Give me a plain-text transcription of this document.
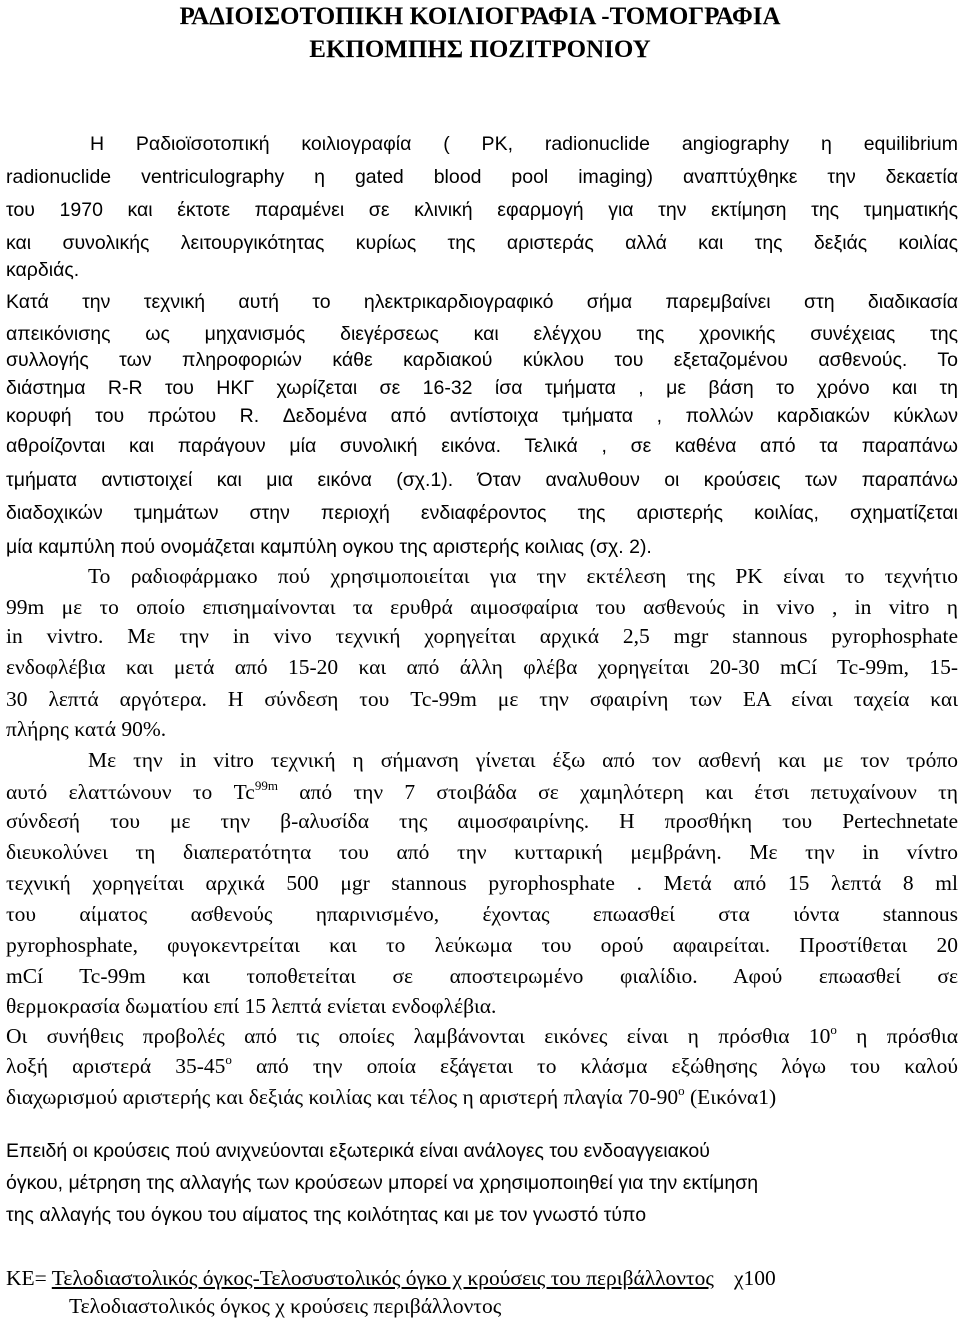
ΡΑΔΙΟΙΣΟΤΟΠΙΚΗ ΚΟΙΛΙΟΓΡΑΦΙΑ -ΤΟΜΟΓΡΑΦΙΑ
ΕΚΠΟΜΠΗΣ ΠΟΖΙΤΡΟΝΙΟΥ
Η Ραδιοϊσοτοπική κοιλιογραφία ( ΡΚ, radionuclide angiography η equilibrium
radionuclide ventriculography η gated blood pool imaging) αναπτύχθηκε την δεκαετία
του 1970 και έκτοτε παραμένει σε κλινική εφαρμογή για την εκτίμηση της τμηματικής
και συνολικής λειτουργικότητας κυρίως της αριστεράς αλλά και της δεξιάς κοιλίας
καρδιάς.
Κατά την τεχνική αυτή το ηλεκτρικαρδιογραφικό σήμα παρεμβαίνει στη διαδικασία
απεικόνισης ως μηχανισμός διεγέρσεως και ελέγχου της χρονικής συνέχειας της
συλλογής των πληροφοριών κάθε καρδιακού κύκλου του εξεταζομένου ασθενούς. Το
διάστημα R-R του ΗΚΓ χωρίζεται σε 16-32 ίσα τμήματα , με βάση το χρόνο και τη
κορυφή του πρώτου R. Δεδομένα από αντίστοιχα τμήματα , πολλών καρδιακών κύκλων
αθροίζονται και παράγουν μία συνολική εικόνα. Τελικά , σε καθένα από τα παραπάνω
τμήματα αντιστοιχεί και μια εικόνα (σχ.1). Όταν αναλυθουν οι κρούσεις των παραπάνω
διαδοχικών τμημάτων στην περιοχή ενδιαφέροντος της αριστερής κοιλίας, σχηματίζεται
μία καμπύλη πού ονομάζεται καμπύλη ογκου της αριστερής κοιλιας (σχ. 2).
Το ραδιοφάρμακο πού χρησιμοποιείται για την εκτέλεση της ΡΚ είναι το τεχνήτιο
99m με το οποίο επισημαίνονται τα ερυθρά αιμοσφαίρια του ασθενούς in vivo , in vitro η
in vivtro. Με την in vivo τεχνική χορηγείται αρχικά 2,5 mgr stannous pyrophosphate
ενδοφλέβια και μετά από 15-20 και από άλλη φλέβα χορηγείται 20-30 mCí Tc-99m, 15-
30 λεπτά αργότερα. Η σύνδεση του Tc-99m με την σφαιρίνη των ΕΑ είναι ταχεία και
πλήρης κατά 90%.
Με την in vitro τεχνική η σήμανση γίνεται έξω από τον ασθενή και με τον τρόπο
αυτό ελαττώνουν το $Tc^{99m}$ από την 7 στοιβάδα σε χαμηλότερη και έτσι πετυχαίνουν τη
σύνδεσή του με την β-αλυσίδα της αιμοσφαιρίνης. Η προσθήκη του Pertechnetate
διευκολύνει τη διαπερατότητα του από την κυτταρική μεμβράνη. Με την in vívtro
τεχνική χορηγείται αρχικά 500 μgr stannous pyrophosphate . Μετά από 15 λεπτά 8 ml
του αίματος ασθενούς ηπαρινισμένο, έχοντας επωασθεί στα ιόντα stannous
pyrophosphate, φυγοκεντρείται και το λεύκωμα του ορού αφαιρείται. Προστίθεται 20
mCí Tc-99m και τοποθετείται σε αποστειρωμένο φιαλίδιο. Αφού επωασθεί σε
θερμοκρασία δωματίου επί 15 λεπτά ενίεται ενδοφλέβια.
Οι συνήθεις προβολές από τις οποίες λαμβάνονται εικόνες είναι η πρόσθια $10^o$ η πρόσθια
λοξή αριστερά $35-45^o$ από την οποία εξάγεται το κλάσμα εξώθησης λόγω του καλού
διαχωρισμού αριστερής και δεξιάς κοιλίας και τέλος η αριστερή πλαγία $70-90^o$ (Εικόνα1)
Επειδή οι κρούσεις πού ανιχνεύονται εξωτερικά είναι ανάλογες του ενδοαγγειακού
όγκου, μέτρηση της αλλαγής των κρούσεων μπορεί να χρησιμοποιηθεί για την εκτίμηση
της αλλαγής του όγκου του αίματος της κοιλότητας και με τον γνωστό τύπο
ΚΕ= Τελοδιαστολικός όγκος-Τελοσυστολικός όγκο χ κρούσεις του περιβάλλοντος χ100
Τελοδιαστολικός όγκος χ κρούσεις περιβάλλοντος
